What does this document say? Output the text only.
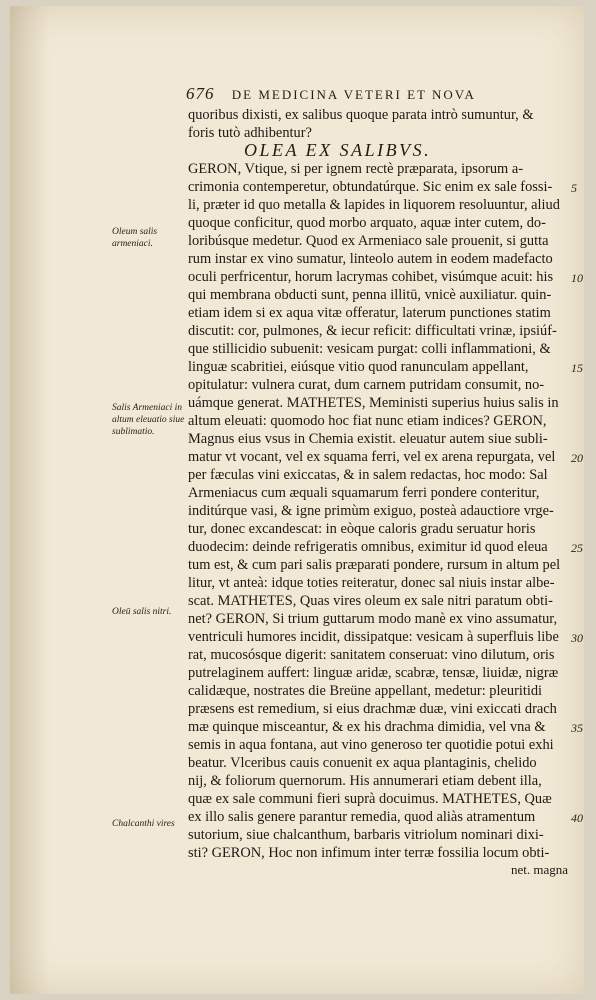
676 DE MEDICINA VETERI ET NOVA
quoribus dixisti, ex salibus quoque parata intrò sumuntur, &
foris tutò adhibentur?
OLEA EX SALIBVS.
GERON, Vtique, si per ignem rectè præparata, ipsorum a-
crimonia contemperetur, obtundatúrque. Sic enim ex sale fossi-
li, præter id quo metalla & lapides in liquorem resoluuntur, aliud
quoque conficitur, quod morbo arquato, aquæ inter cutem, do-
loribúsque medetur. Quod ex Armeniaco sale prouenit, si gutta
rum instar ex vino sumatur, linteolo autem in eodem madefacto
oculi perfricentur, horum lacrymas cohibet, visúmque acuit: his
qui membrana obducti sunt, penna illitū, vnicè auxiliatur. quin-
etiam idem si ex aqua vitæ offeratur, laterum punctiones statim
discutit: cor, pulmones, & iecur reficit: difficultati vrinæ, ipsiúf-
que stillicidio subuenit: vesicam purgat: colli inflammationi, &
linguæ scabritiei, eiúsque vitio quod ranunculam appellant,
opitulatur: vulnera curat, dum carnem putridam consumit, no-
uámque generat. MATHETES, Meministi superius huius salis in
altum eleuati: quomodo hoc fiat nunc etiam indices? GERON,
Magnus eius vsus in Chemia existit. eleuatur autem siue subli-
matur vt vocant, vel ex squama ferri, vel ex arena repurgata, vel
per fæculas vini exiccatas, & in salem redactas, hoc modo: Sal
Armeniacus cum æquali squamarum ferri pondere conteritur,
inditúrque vasi, & igne primùm exiguo, posteà adauctiore vrge-
tur, donec excandescat: in eòque caloris gradu seruatur horis
duodecim: deinde refrigeratis omnibus, eximitur id quod eleua
tum est, & cum pari salis præparati pondere, rursum in altum pel
litur, vt anteà: idque toties reiteratur, donec sal niuis instar albe-
scat. MATHETES, Quas vires oleum ex sale nitri paratum obti-
net? GERON, Si trium guttarum modo manè ex vino assumatur,
ventriculi humores incidit, dissipatque: vesicam à superfluis libe
rat, mucosósque digerit: sanitatem conseruat: vino dilutum, oris
putrelaginem auffert: linguæ aridæ, scabræ, tensæ, liuidæ, nigræ
calidæque, nostrates die Breüne appellant, medetur: pleuritidi
præsens est remedium, si eius drachmæ duæ, vini exiccati drach
mæ quinque misceantur, & ex his drachma dimidia, vel vna &
semis in aqua fontana, aut vino generoso ter quotidie potui exhi
beatur. Vlceribus cauis conuenit ex aqua plantaginis, chelido
nij, & foliorum quernorum. His annumerari etiam debent illa,
quæ ex sale communi fieri suprà docuimus. MATHETES, Quæ
ex illo salis genere parantur remedia, quod aliàs atramentum
sutorium, siue chalcanthum, barbaris vitriolum nominari dixi-
sti? GERON, Hoc non infimum inter terræ fossilia locum obti-
net. magna
Oleum salis armeniaci.
Salis Armeniaci in altum eleuatio siue sublimatio.
Oleū salis nitri.
Chalcanthi vires
5
10
15
20
25
30
35
40
